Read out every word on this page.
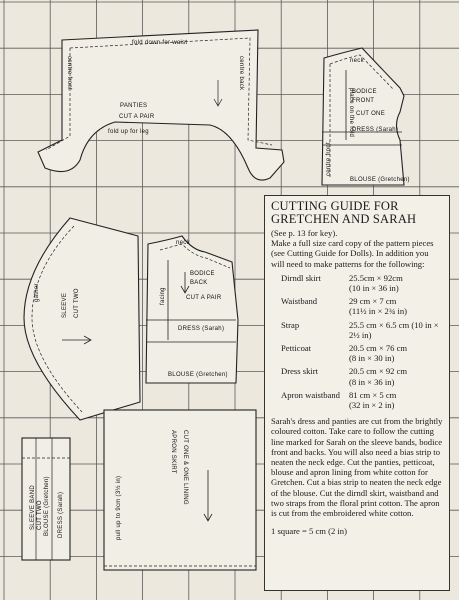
fold down for waist
centre front	centre back
PANTIES
CUT A PAIR
fold up for leg
neck
BODICE FRONT
CUT ONE
place on the fold
centre front
DRESS (Sarah)
BLOUSE (Gretchen)
SLEEVE CUT TWO
gather
neck
BODICE BACK
CUT A PAIR
facing
DRESS (Sarah)
BLOUSE (Gretchen)
SLEEVE BAND CUT TWO BLOUSE (Gretchen) DRESS (Sarah)	pull up to 9cm (3½ in)
APRON SKIRT CUT ONE & ONE LINING
CUTTING GUIDE FOR
GRETCHEN AND SARAH

(See p. 13 for key).
Make a full size card copy of the pattern pieces (see Cutting Guide for Dolls). In addition you will need to make patterns for the following:

Dirndl skirt	25.5cm × 92cm
(10 in × 36 in)
Waistband	29 cm × 7 cm
(11½ in × 2¾ in)
Strap	25.5 cm × 6.5 cm (10 in × 2½ in)
Petticoat	20.5 cm × 76 cm
(8 in × 30 in)
Dress skirt	20.5 cm × 92 cm
(8 in × 36 in)
Apron waistband	81 cm × 5 cm
(32 in × 2 in)

Sarah's dress and panties are cut from the brightly coloured cotton. Take care to follow the cutting line marked for Sarah on the sleeve bands, bodice front and backs. You will also need a bias strip to neaten the neck edge. Cut the panties, petticoat, blouse and apron lining from white cotton for Gretchen. Cut a bias strip to neaten the neck edge of the blouse. Cut the dirndl skirt, waistband and two straps from the floral print cotton. The apron is cut from the embroidered white cotton.

1 square = 5 cm (2 in)
